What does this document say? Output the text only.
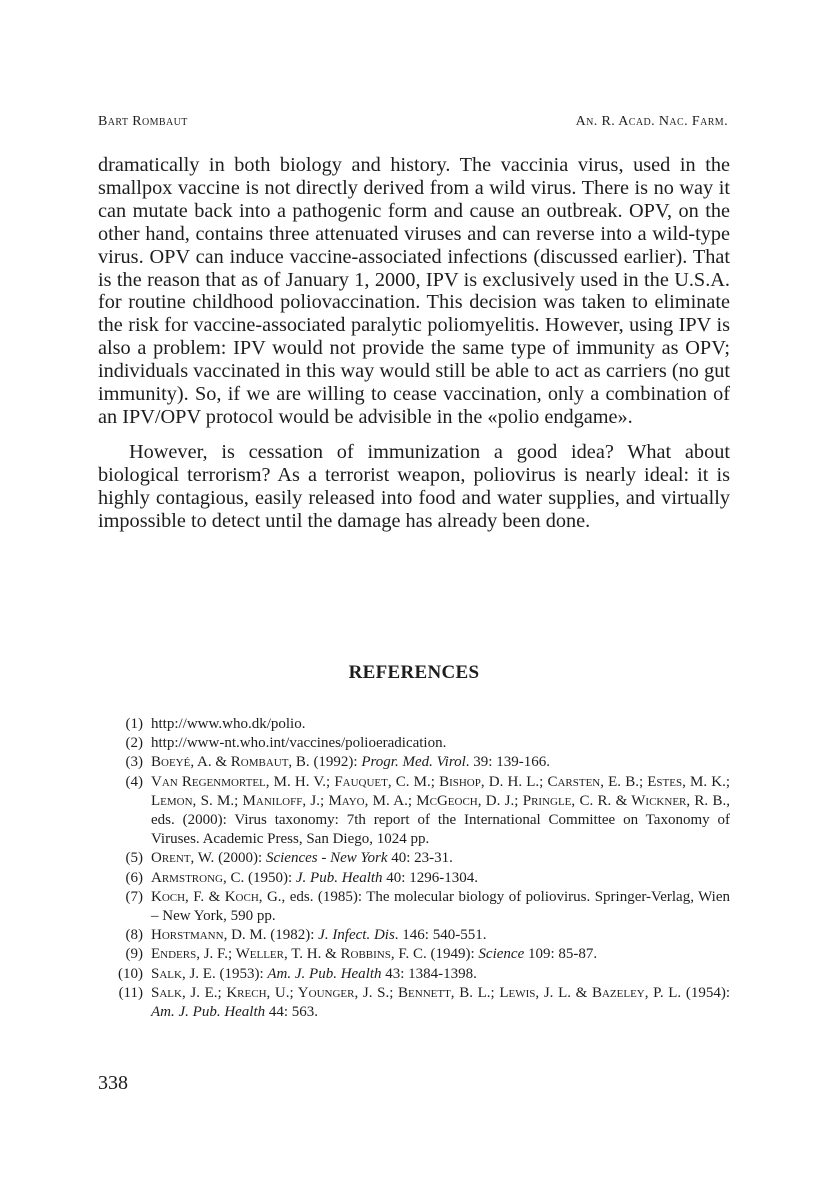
Bart Rombaut	An. R. Acad. Nac. Farm.

dramatically in both biology and history. The vaccinia virus, used in the smallpox vaccine is not directly derived from a wild virus. There is no way it can mutate back into a pathogenic form and cause an outbreak. OPV, on the other hand, contains three attenuated viruses and can reverse into a wild-type virus. OPV can induce vaccine-associated infections (discussed earlier). That is the reason that as of January 1, 2000, IPV is exclusively used in the U.S.A. for routine childhood poliovaccination. This decision was taken to eliminate the risk for vaccine-associated paralytic poliomyelitis. However, using IPV is also a problem: IPV would not provide the same type of immunity as OPV; individuals vaccinated in this way would still be able to act as carriers (no gut immunity). So, if we are willing to cease vaccination, only a combination of an IPV/OPV protocol would be advisible in the «polio endgame».

However, is cessation of immunization a good idea? What about biological terrorism? As a terrorist weapon, poliovirus is nearly ideal: it is highly contagious, easily released into food and water supplies, and virtually impossible to detect until the damage has already been done.

REFERENCES
(1) http://www.who.dk/polio.
(2) http://www-nt.who.int/vaccines/polioeradication.
(3) Boeyé, A. & Rombaut, B. (1992): Progr. Med. Virol. 39: 139-166.
(4) Van Regenmortel, M. H. V.; Fauquet, C. M.; Bishop, D. H. L.; Carsten, E. B.; Estes, M. K.; Lemon, S. M.; Maniloff, J.; Mayo, M. A.; McGeoch, D. J.; Pringle, C. R. & Wickner, R. B., eds. (2000): Virus taxonomy: 7th report of the International Committee on Taxonomy of Viruses. Academic Press, San Diego, 1024 pp.
(5) Orent, W. (2000): Sciences - New York 40: 23-31.
(6) Armstrong, C. (1950): J. Pub. Health 40: 1296-1304.
(7) Koch, F. & Koch, G., eds. (1985): The molecular biology of poliovirus. Springer-Verlag, Wien – New York, 590 pp.
(8) Horstmann, D. M. (1982): J. Infect. Dis. 146: 540-551.
(9) Enders, J. F.; Weller, T. H. & Robbins, F. C. (1949): Science 109: 85-87.
(10) Salk, J. E. (1953): Am. J. Pub. Health 43: 1384-1398.
(11) Salk, J. E.; Krech, U.; Younger, J. S.; Bennett, B. L.; Lewis, J. L. & Bazeley, P. L. (1954): Am. J. Pub. Health 44: 563.
338
